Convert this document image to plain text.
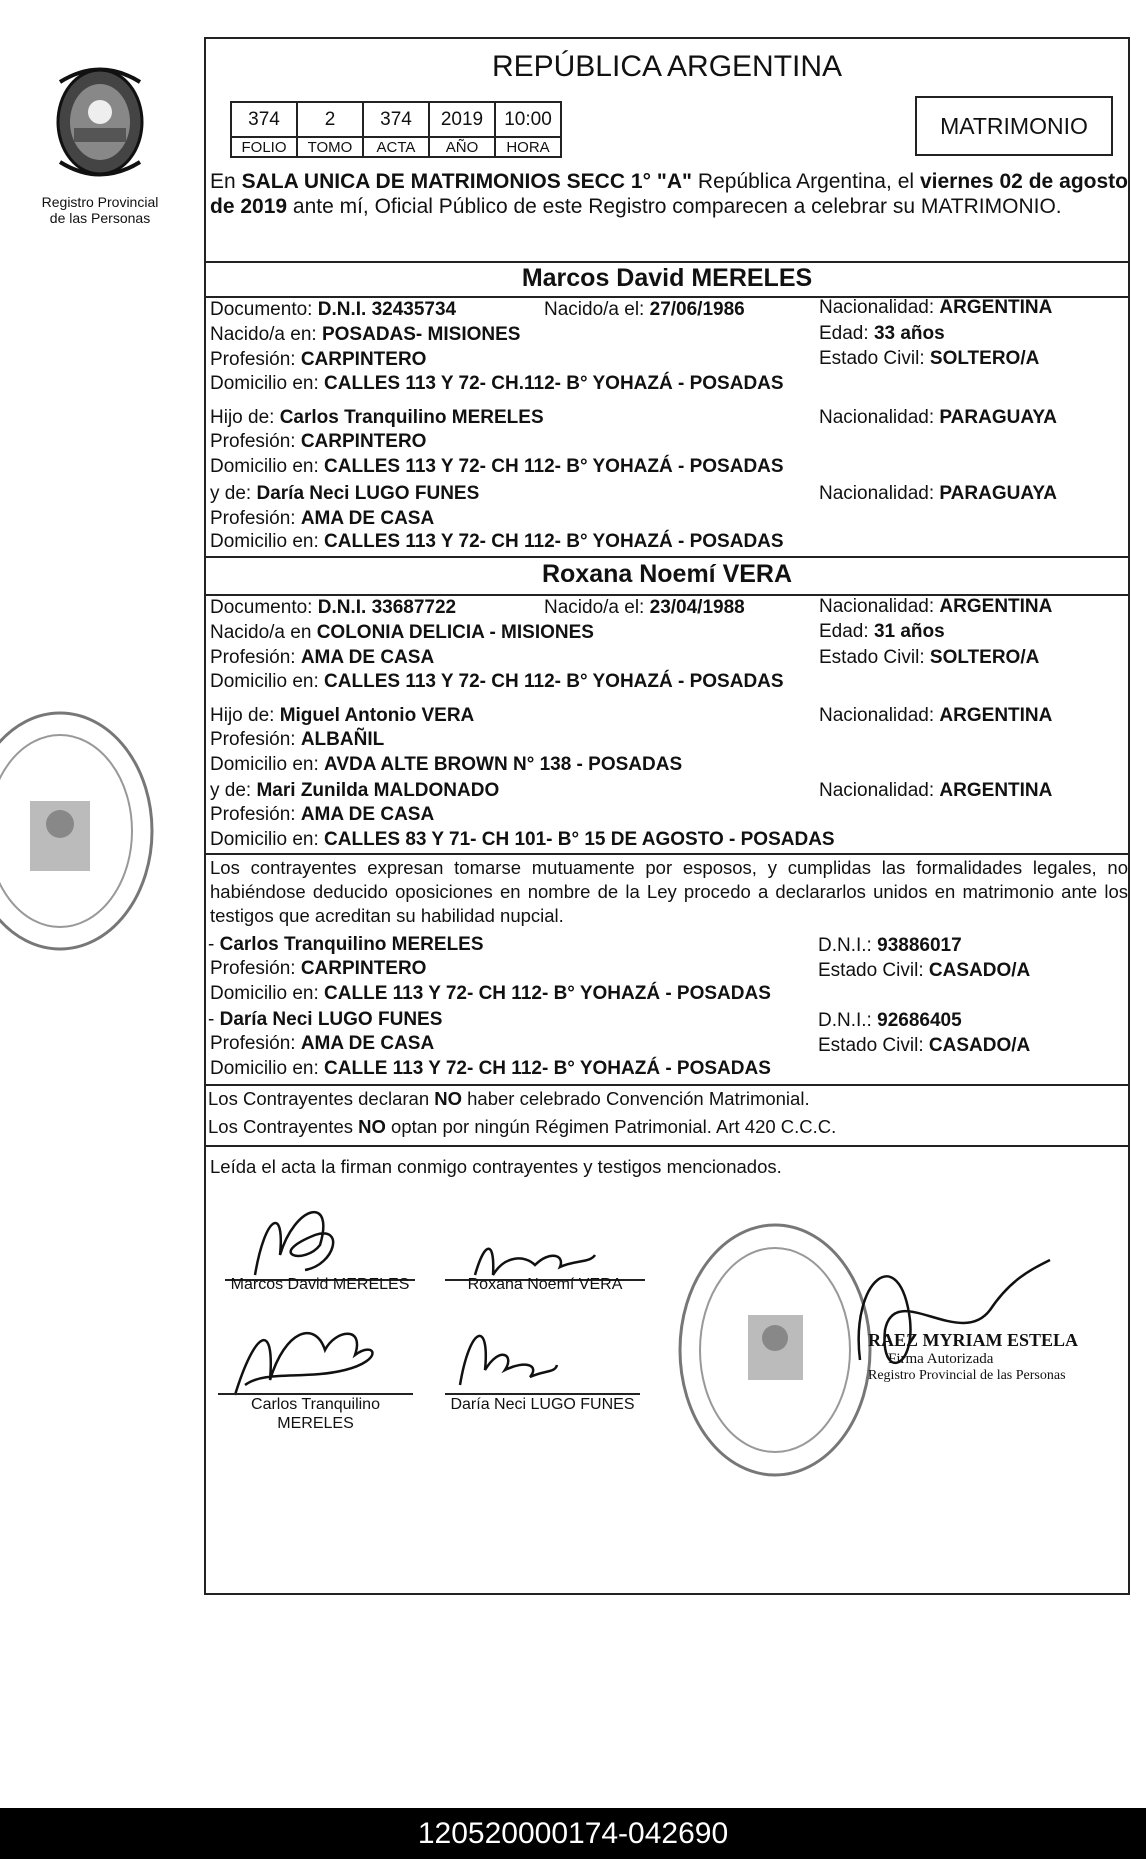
Registro Provincial
de las Personas
REPÚBLICA ARGENTINA
374	2	374	2019	10:00
FOLIO	TOMO	ACTA	AÑO	HORA
MATRIMONIO
En SALA UNICA DE MATRIMONIOS SECC 1° "A" República Argentina, el viernes 02 de agosto de 2019 ante mí, Oficial Público de este Registro comparecen a celebrar su MATRIMONIO.
Marcos David MERELES
Documento: D.N.I. 32435734	Nacido/a el: 27/06/1986	Nacionalidad: ARGENTINA
Nacido/a en: POSADAS- MISIONES	Edad: 33 años
Profesión: CARPINTERO	Estado Civil: SOLTERO/A
Domicilio en: CALLES 113 Y 72- CH.112- B° YOHAZÁ - POSADAS
Hijo de: Carlos Tranquilino MERELES	Nacionalidad: PARAGUAYA
Profesión: CARPINTERO
Domicilio en: CALLES 113 Y 72- CH 112- B° YOHAZÁ - POSADAS
y de: Daría Neci LUGO FUNES	Nacionalidad: PARAGUAYA
Profesión: AMA DE CASA
Domicilio en: CALLES 113 Y 72- CH 112- B° YOHAZÁ - POSADAS
Roxana Noemí VERA
Documento: D.N.I. 33687722	Nacido/a el: 23/04/1988	Nacionalidad: ARGENTINA
Nacido/a en COLONIA DELICIA - MISIONES	Edad: 31 años
Profesión: AMA DE CASA	Estado Civil: SOLTERO/A
Domicilio en: CALLES 113 Y 72- CH 112- B° YOHAZÁ - POSADAS
Hijo de: Miguel Antonio VERA	Nacionalidad: ARGENTINA
Profesión: ALBAÑIL
Domicilio en: AVDA ALTE BROWN N° 138 - POSADAS
y de: Mari Zunilda MALDONADO	Nacionalidad: ARGENTINA
Profesión: AMA DE CASA
Domicilio en: CALLES 83 Y 71- CH 101- B° 15 DE AGOSTO - POSADAS
Los contrayentes expresan tomarse mutuamente por esposos, y cumplidas las formalidades legales, no habiéndose deducido oposiciones en nombre de la Ley procedo a declararlos unidos en matrimonio ante los testigos que acreditan su habilidad nupcial.
- Carlos Tranquilino MERELES	D.N.I.: 93886017
Profesión: CARPINTERO	Estado Civil: CASADO/A
Domicilio en: CALLE 113 Y 72- CH 112- B° YOHAZÁ - POSADAS
- Daría Neci LUGO FUNES	D.N.I.: 92686405
Profesión: AMA DE CASA	Estado Civil: CASADO/A
Domicilio en: CALLE 113 Y 72- CH 112- B° YOHAZÁ - POSADAS
Los Contrayentes declaran NO haber celebrado Convención Matrimonial.
Los Contrayentes NO optan por ningún Régimen Patrimonial. Art 420 C.C.C.
Leída el acta la firman conmigo contrayentes y testigos mencionados.
Marcos David MERELES	Roxana Noemí VERA
Carlos Tranquilino
MERELES
Daría Neci LUGO FUNES
RAEZ MYRIAM ESTELA
Firma Autorizada
Registro Provincial de las Personas
120520000174-042690
